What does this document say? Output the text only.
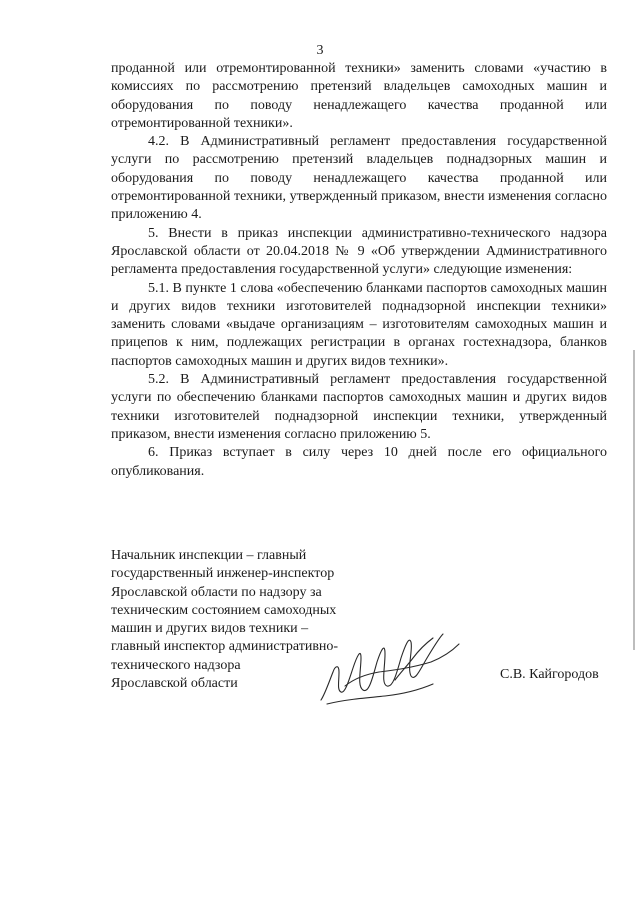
3

проданной или отремонтированной техники» заменить словами «участию в комиссиях по рассмотрению претензий владельцев самоходных машин и оборудования по поводу ненадлежащего качества проданной или отремонтированной техники».

4.2. В Административный регламент предоставления государственной услуги по рассмотрению претензий владельцев поднадзорных машин и оборудования по поводу ненадлежащего качества проданной или отремонтированной техники, утвержденный приказом, внести изменения согласно приложению 4.

5. Внести в приказ инспекции административно-технического надзора Ярославской области от 20.04.2018 № 9 «Об утверждении Административного регламента предоставления государственной услуги» следующие изменения:

5.1. В пункте 1 слова «обеспечению бланками паспортов самоходных машин и других видов техники изготовителей поднадзорной инспекции техники» заменить словами «выдаче организациям – изготовителям самоходных машин и прицепов к ним, подлежащих регистрации в органах гостехнадзора, бланков паспортов самоходных машин и других видов техники».

5.2. В Административный регламент предоставления государственной услуги по обеспечению бланками паспортов самоходных машин и других видов техники изготовителей поднадзорной инспекции техники, утвержденный приказом, внести изменения согласно приложению 5.

6. Приказ вступает в силу через 10 дней после его официального опубликования.

Начальник инспекции – главный
государственный инженер-инспектор
Ярославской области по надзору за
техническим состоянием самоходных
машин и других видов техники –
главный инспектор административно-
технического надзора
Ярославской области
С.В. Кайгородов
